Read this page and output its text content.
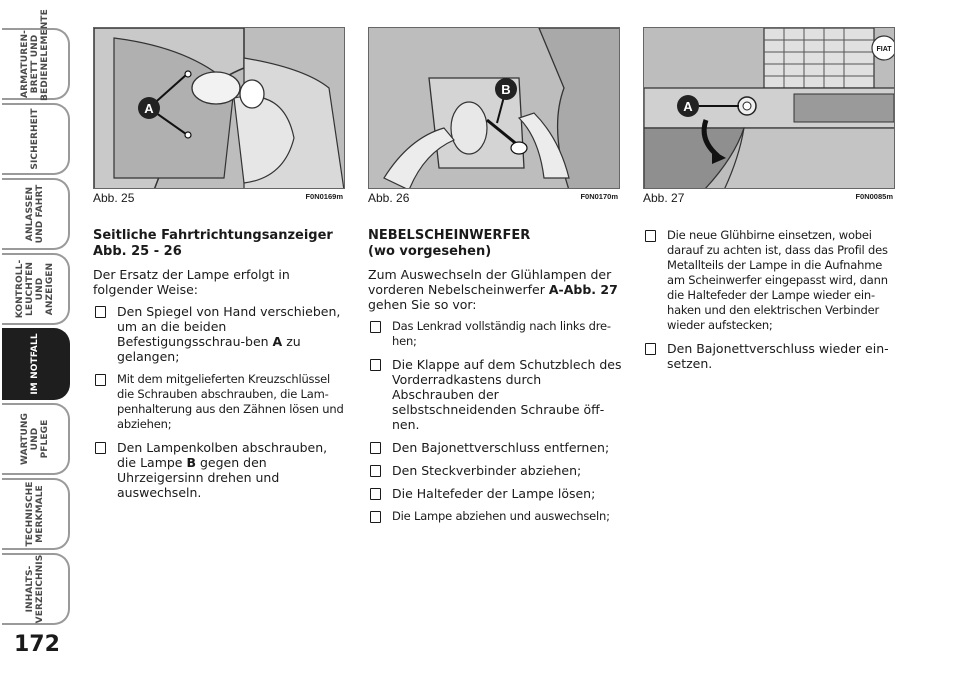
ARMATUREN-
BRETT UND
BEDIENELEMENTE
SICHERHEIT
ANLASSEN
UND FAHRT
KONTROLL-
LEUCHTEN UND
ANZEIGEN
IM NOTFALL
WARTUNG UND
PFLEGE
TECHNISCHE
MERKMALE
INHALTS-
VERZEICHNIS
172
A
Abb. 25	F0N0169m
B
Abb. 26	F0N0170m
FIAT
A
Abb. 27	F0N0085m
Seitliche Fahrtrichtungsanzeiger
Abb. 25 - 26
Der Ersatz der Lampe erfolgt in folgender Weise:
Den Spiegel von Hand verschieben, um an die beiden Befestigungsschrau-ben A zu gelangen;
Mit dem mitgelieferten Kreuzschlüssel die Schrauben abschrauben, die Lam-penhalterung aus den Zähnen lösen und abziehen;
Den Lampenkolben abschrauben, die Lampe B gegen den Uhrzeigersinn drehen und auswechseln.
NEBELSCHEINWERFER
(wo vorgesehen)
Zum Auswechseln der Glühlampen der vorderen Nebelscheinwerfer A-Abb. 27 gehen Sie so vor:
Das Lenkrad vollständig nach links dre-hen;
Die Klappe auf dem Schutzblech des Vorderradkastens durch Abschrauben der selbstschneidenden Schraube öff-nen.
Den Bajonettverschluss entfernen;
Den Steckverbinder abziehen;
Die Haltefeder der Lampe lösen;
Die Lampe abziehen und auswechseln;
Die neue Glühbirne einsetzen, wobei darauf zu achten ist, dass das Profil des Metallteils der Lampe in die Aufnahme am Scheinwerfer eingepasst wird, dann die Haltefeder der Lampe wieder ein-haken und den elektrischen Verbinder wieder aufstecken;
Den Bajonettverschluss wieder ein-setzen.
